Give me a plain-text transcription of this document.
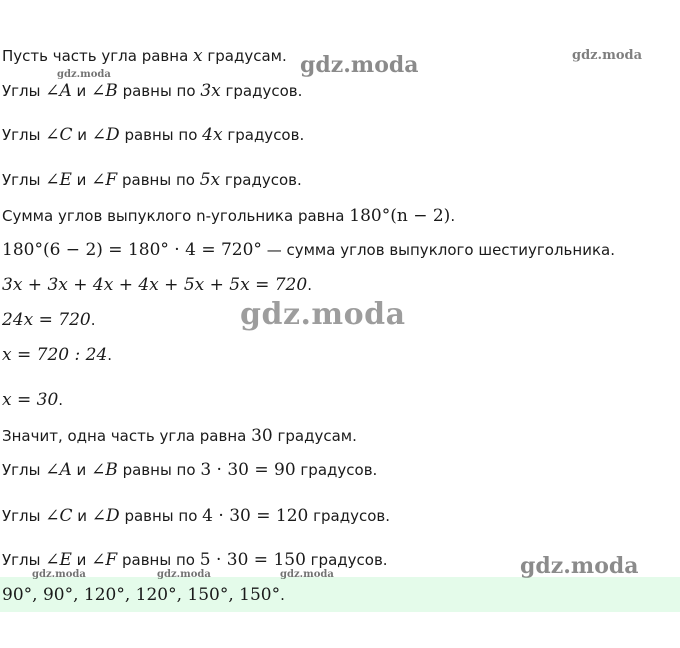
Пусть часть угла равна x градусам.
Углы ∠A и ∠B равны по 3x градусов.
Углы ∠C и ∠D равны по 4x градусов.
Углы ∠E и ∠F равны по 5x градусов.
Сумма углов выпуклого n-угольника равна 180°(n − 2).
180°(6 − 2) = 180° · 4 = 720° — сумма углов выпуклого шестиугольника.
3x + 3x + 4x + 4x + 5x + 5x = 720.
24x = 720.
x = 720 : 24.
x = 30.
Значит, одна часть угла равна 30 градусам.
Углы ∠A и ∠B равны по 3 · 30 = 90 градусов.
Углы ∠C и ∠D равны по 4 · 30 = 120 градусов.
Углы ∠E и ∠F равны по 5 · 30 = 150 градусов.
90°, 90°, 120°, 120°, 150°, 150°.
gdz.moda	gdz.moda
gdz.moda
gdz.moda
gdz.moda
gdz.moda	gdz.moda	gdz.moda
